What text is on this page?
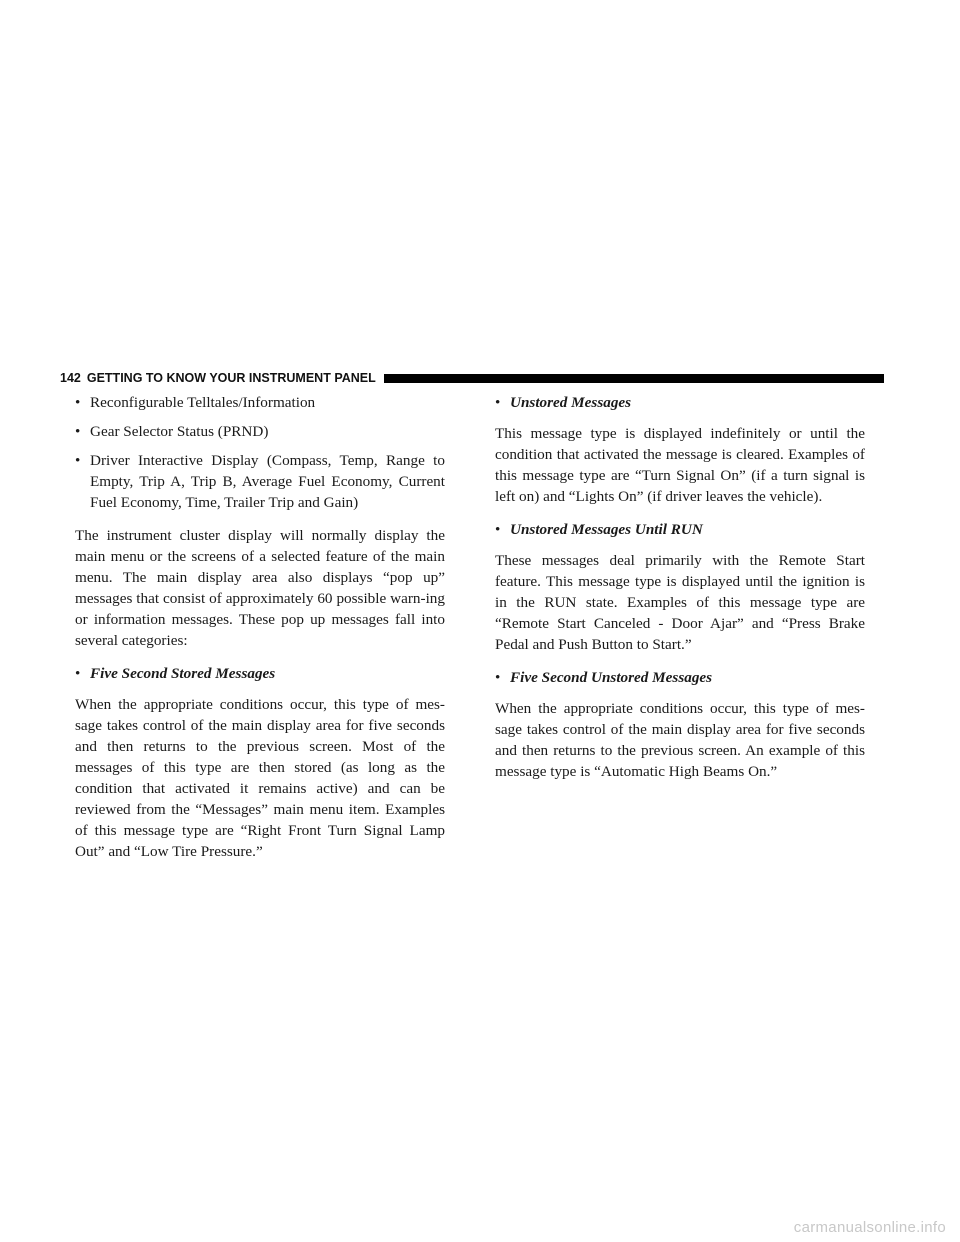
142 GETTING TO KNOW YOUR INSTRUMENT PANEL
• Reconfigurable Telltales/Information
• Gear Selector Status (PRND)
• Driver Interactive Display (Compass, Temp, Range to Empty, Trip A, Trip B, Average Fuel Economy, Current Fuel Economy, Time, Trailer Trip and Gain)

The instrument cluster display will normally display the main menu or the screens of a selected feature of the main menu. The main display area also displays “pop up” messages that consist of approximately 60 possible warn-ing or information messages. These pop up messages fall into several categories:

• Five Second Stored Messages

When the appropriate conditions occur, this type of mes-sage takes control of the main display area for five seconds and then returns to the previous screen. Most of the messages of this type are then stored (as long as the condition that activated it remains active) and can be reviewed from the “Messages” main menu item. Examples of this message type are “Right Front Turn Signal Lamp Out” and “Low Tire Pressure.”

• Unstored Messages

This message type is displayed indefinitely or until the condition that activated the message is cleared. Examples of this message type are “Turn Signal On” (if a turn signal is left on) and “Lights On” (if driver leaves the vehicle).

• Unstored Messages Until RUN

These messages deal primarily with the Remote Start feature. This message type is displayed until the ignition is in the RUN state. Examples of this message type are “Remote Start Canceled - Door Ajar” and “Press Brake Pedal and Push Button to Start.”

• Five Second Unstored Messages

When the appropriate conditions occur, this type of mes-sage takes control of the main display area for five seconds and then returns to the previous screen. An example of this message type is “Automatic High Beams On.”

carmanualsonline.info
